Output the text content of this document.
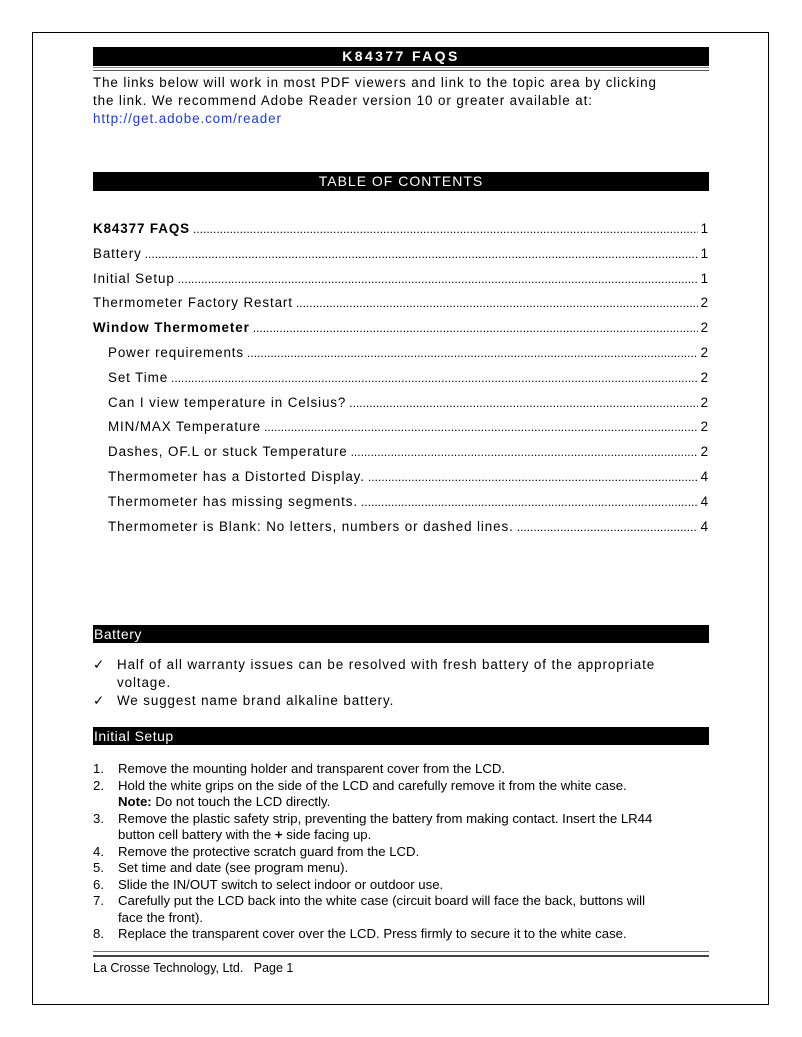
K84377 FAQS
The links below will work in most PDF viewers and link to the topic area by clicking
the link. We recommend Adobe Reader version 10 or greater available at:
http://get.adobe.com/reader
TABLE OF CONTENTS
K84377 FAQS .....	1
Battery .....	1
Initial Setup .....	1
Thermometer Factory Restart .....	2
Window Thermometer .....	2
Power requirements .....	2
Set Time .....	2
Can I view temperature in Celsius? .....	2
MIN/MAX Temperature .....	2
Dashes, OF.L or stuck Temperature .....	2
Thermometer has a Distorted Display. .....	4
Thermometer has missing segments. .....	4
Thermometer is Blank: No letters, numbers or dashed lines. .....	4
Battery
✓ Half of all warranty issues can be resolved with fresh battery of the appropriate
voltage.
✓ We suggest name brand alkaline battery.
Initial Setup
1.	Remove the mounting holder and transparent cover from the LCD.
2.	Hold the white grips on the side of the LCD and carefully remove it from the white case.
Note: Do not touch the LCD directly.
3.	Remove the plastic safety strip, preventing the battery from making contact. Insert the LR44
button cell battery with the + side facing up.
4.	Remove the protective scratch guard from the LCD.
5.	Set time and date (see program menu).
6.	Slide the IN/OUT switch to select indoor or outdoor use.
7.	Carefully put the LCD back into the white case (circuit board will face the back, buttons will
face the front).
8.	Replace the transparent cover over the LCD. Press firmly to secure it to the white case.
La Crosse Technology, Ltd. Page 1
